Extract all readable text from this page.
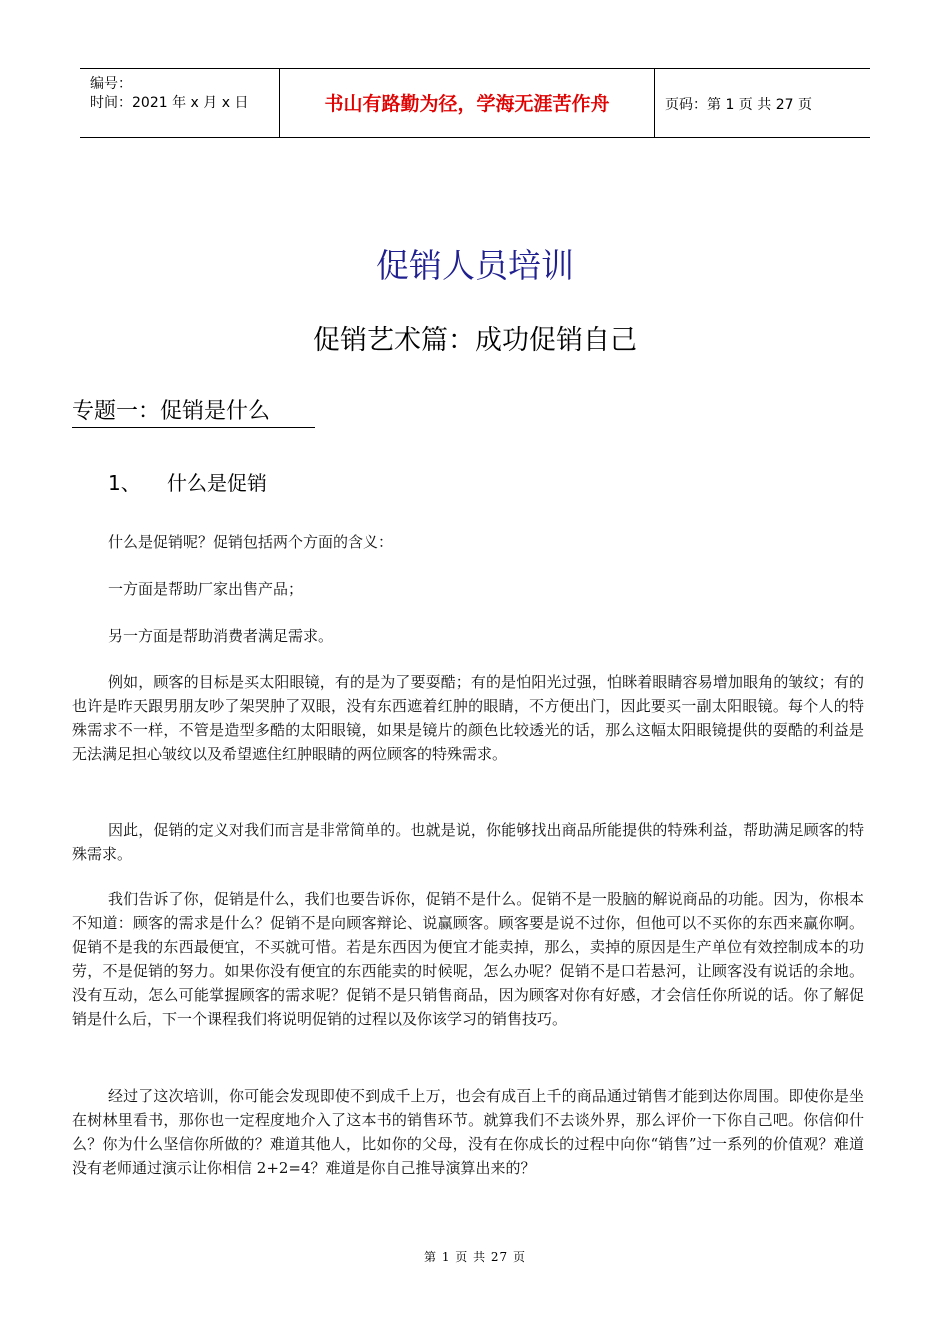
编号：
时间：2021 年 x 月 x 日	书山有路勤为径，学海无涯苦作舟	页码：第 1 页 共 27 页
促销人员培训
促销艺术篇：成功促销自己
专题一：促销是什么
1、 什么是促销
什么是促销呢？促销包括两个方面的含义：
一方面是帮助厂家出售产品；
另一方面是帮助消费者满足需求。
例如，顾客的目标是买太阳眼镜，有的是为了要耍酷；有的是怕阳光过强，怕眯着眼睛容易增加眼角的皱纹；有的也许是昨天跟男朋友吵了架哭肿了双眼，没有东西遮着红肿的眼睛，不方便出门，因此要买一副太阳眼镜。每个人的特殊需求不一样，不管是造型多酷的太阳眼镜，如果是镜片的颜色比较透光的话，那么这幅太阳眼镜提供的耍酷的利益是无法满足担心皱纹以及希望遮住红肿眼睛的两位顾客的特殊需求。
因此，促销的定义对我们而言是非常简单的。也就是说，你能够找出商品所能提供的特殊利益，帮助满足顾客的特殊需求。
我们告诉了你，促销是什么，我们也要告诉你，促销不是什么。促销不是一股脑的解说商品的功能。因为，你根本不知道：顾客的需求是什么？促销不是向顾客辩论、说赢顾客。顾客要是说不过你，但他可以不买你的东西来赢你啊。促销不是我的东西最便宜，不买就可惜。若是东西因为便宜才能卖掉，那么，卖掉的原因是生产单位有效控制成本的功劳，不是促销的努力。如果你没有便宜的东西能卖的时候呢，怎么办呢？促销不是口若悬河，让顾客没有说话的余地。没有互动，怎么可能掌握顾客的需求呢？促销不是只销售商品，因为顾客对你有好感，才会信任你所说的话。你了解促销是什么后，下一个课程我们将说明促销的过程以及你该学习的销售技巧。
经过了这次培训，你可能会发现即使不到成千上万，也会有成百上千的商品通过销售才能到达你周围。即使你是坐在树林里看书，那你也一定程度地介入了这本书的销售环节。就算我们不去谈外界，那么评价一下你自己吧。你信仰什么？你为什么坚信你所做的？难道其他人，比如你的父母，没有在你成长的过程中向你“销售”过一系列的价值观？难道没有老师通过演示让你相信 2+2=4？难道是你自己推导演算出来的？
第 1 页 共 27 页
